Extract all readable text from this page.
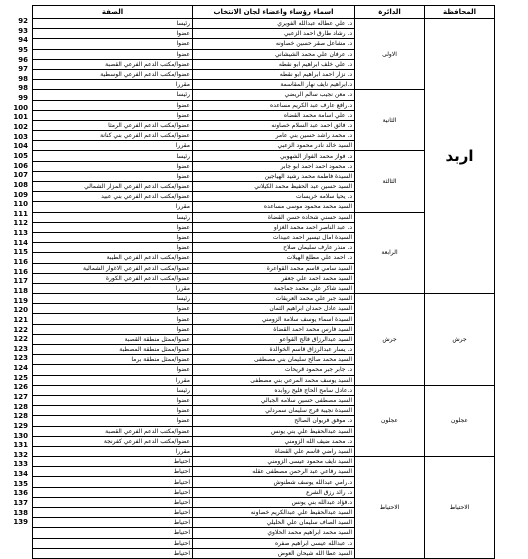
المحافظة	الدائرة	اسماء رؤساء واعضاء لجان الانتخاب	الصفة
اربد	الاولى	د. علي عطاله عبدالله الفويري	رئيسا
		د. رشاد طارق احمد الزعبي	عضوا
		د. مشاعل صقر حسين خصاونه	عضوا
		د. عرفان علي محمد الشيشاني	عضوا
		د. علي خلف ابراهيم ابو نقطه	عضوا/مكتب الدعم الفرعي القصبة
		د. نزار احمد ابراهيم ابو نقطه	عضوا/مكتب الدعم الفرعي الوسطية
		د.ابراهيم نايف نهار المقاسمة	مقررا
	الثانية	د. معن نجيب سالم الريضي	رئيسا
		د.رافع عارف عبد الكريم مساعده	عضوا
		د. علي اسامة محمد القضاه	عضوا
		د. فائق احمد عبد السلام خصاونه	عضوا/مكتب الدعم الفرعي الرمثا
		د. محمد راشد حسين بني عامر	عضوا/مكتب الدعم الفرعي بني كنانة
		السيد خالد نادر محمود الزعبي	مقررا
	الثالثة	د. فواز محمد الفواز الشهوبي	رئيسا
		د. محمود احمد احمد ابو جابر	عضوا
		السيدة فاطمة محمد رشيد الهياجين	عضوا
		السيد حسين عبد الحفيظ محمد الكيلاني	عضوا/مكتب الدعم الفرعي المزار الشمالي
		د. يحيا سلامه خريسات	عضوا/مكتب الدعم الفرعي بني عبيد
		السيد محمد محمود موسى مساعده	مقررا
	الرابعة	السيد حسني شحاده حسن القضاة	رئيسا
		د. عبد الناصر احمد محمد الغزاو	عضوا
		السيدة امال تيسير احمد عبيدات	عضوا
		د. منذر عارف سليمان صلاح	عضوا
		د. احمد علي مطلع الهيلات	عضوا/مكتب الدعم الفرعي الطيبة
		السيد سامي قاسم محمد القواعرة	عضوا/مكتب الدعم الفرعي الاغوار الشمالية
		السيد محمد احمد علي جعفر	عضوا/مكتب الدعم الفرعي الكورة
		السيد شاكر علي محمد جماجمة	مقررا
جرش	جرش	السيد جبر علي محمد العريقات	رئيسا
		السيد عادل حمدان ابراهيم الثمان	عضوا
		السيدة اسماء يوسف سلامة الزومني	عضوا
		السيد فارس محمد احمد القضاة	عضوا
		السيد عبدالرزاق فالح القواعو	عضوا/ممثل منطقة القصبة
		د. يسار عبدالرزاق قاسم الخوالدة	عضوا/ممثل منطقة المصطبة
		السيد محمد صالح سليمان بني مصطفى	عضوا/ممثل منطقة برما
		د. جابر جبر محمود قريحات	عضوا
		السيد يوسف محمد المرعي بني مصطفى	مقررا
عجلون	عجلون	د.عادل سامح الحاج فليح روابده	رئيسا
		السيد مصطفى حسين سلامه الجبالي	عضوا
		السيدة نجيبة فرج سليمان سمردلي	عضوا
		د. موفق فريوان الصالح	عضوا
		السيد عبدالحفيظ علي بني يونس	عضوا/مكتب الدعم الفرعي القصبة
		د. محمد ضيف الله الزومني	عضوا/مكتب الدعم الفرعي كفرنجة
		السيد راضي قاسم علي القضاة	مقررا
الاحتياط	الاحتياط	السيد نايف محمود عيسى الزومني	احتياط
		السيد رفاعي عبد الرحمن مصطفى عقله	احتياط
		د.رامي عبدالله يوسف شطنوش	احتياط
		د. رائد رزق الشرع	احتياط
		د.فؤاد عبدالله بني يونس	احتياط
		السيد عبدالحفيظ علي عبدالكريم خصاونه	احتياط
		السيد الصاف سليمان علي الحليلي	احتياط
		السيد محمد ابراهيم محمد الحلاوي	احتياط
		د. عبدالله عيسى ابراهيم صفره	احتياط
		السيد عطا الله شيحان العوض	احتياط
92
93
94
95
96
97
98
98
99
100
101
102
103
104
105
106
107
108
109
110
111
112
113
114
115
116
116
117
118
119
120
121
122
122
123
123
124
125
126
127
128
128
129
130
131
132
133
134
135
136
137
138
139
